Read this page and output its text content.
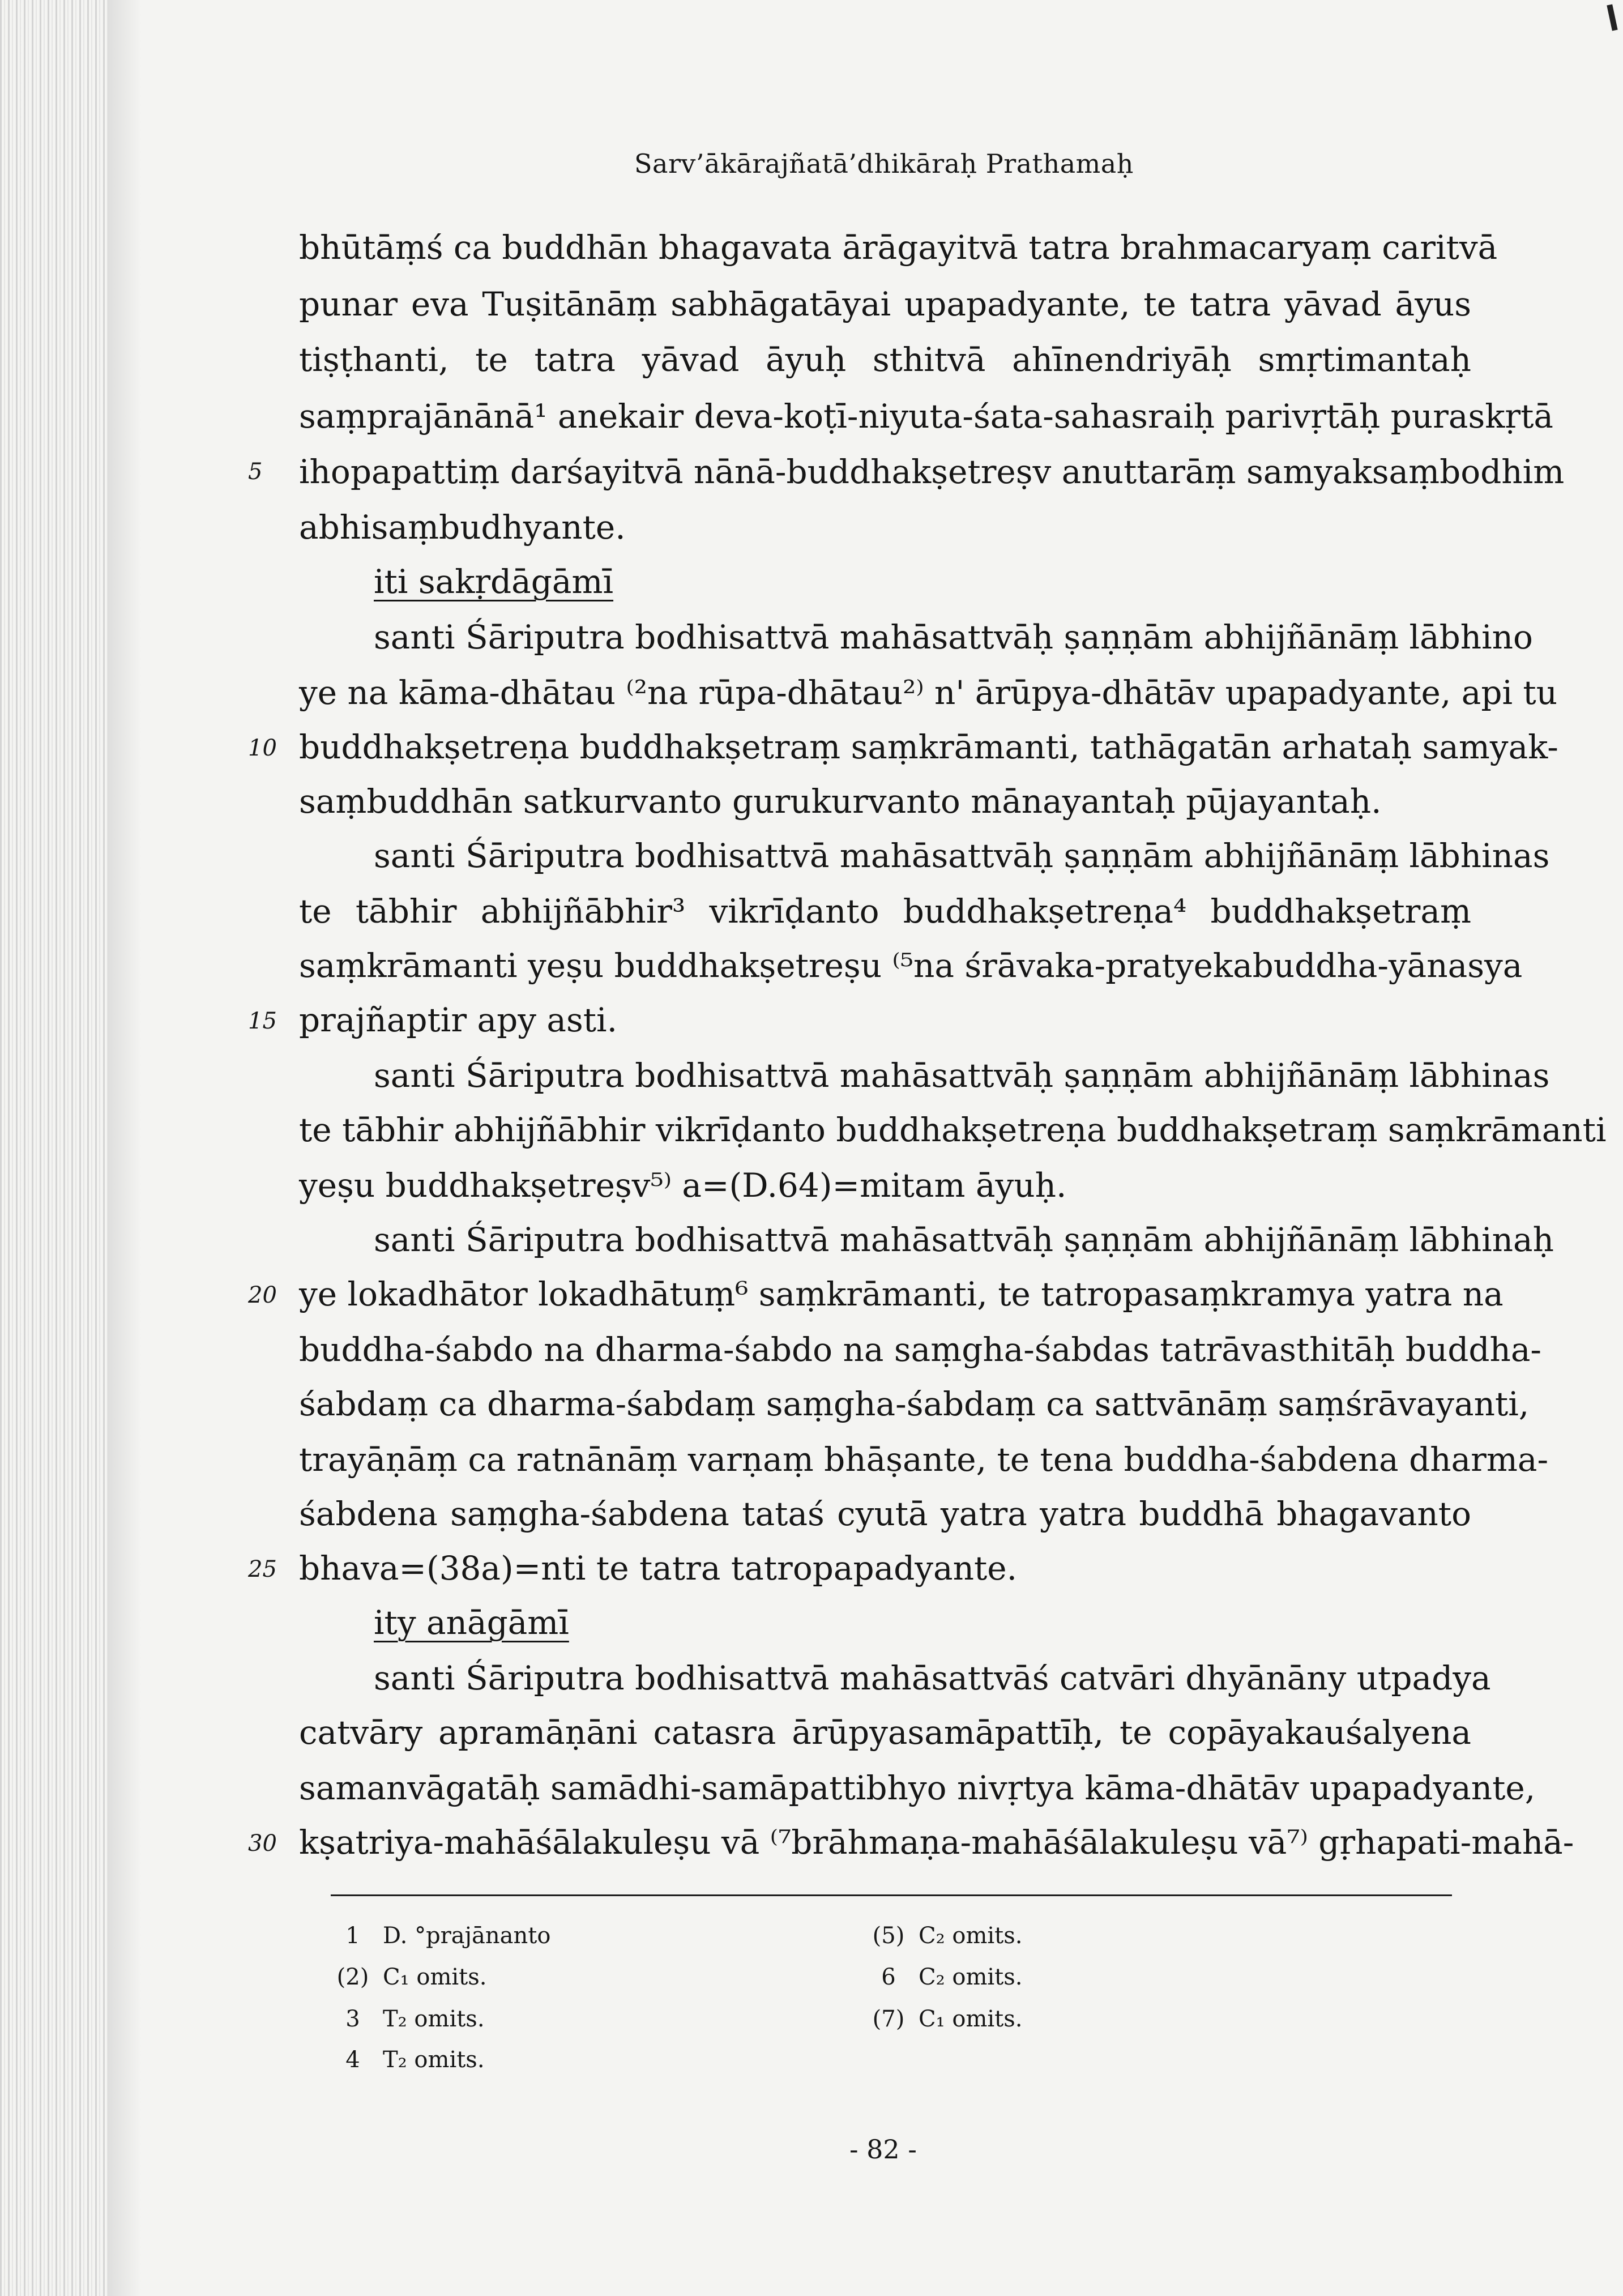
Sarv’ākārajñatā’dhikāraḥ Prathamaḥ
bhūtāṃś ca buddhān bhagavata ārāgayitvā tatra brahmacaryaṃ caritvā
punar eva Tuṣitānāṃ sabhāgatāyai upapadyante, te tatra yāvad āyus
tiṣṭhanti, te tatra yāvad āyuḥ sthitvā ahīnendriyāḥ smṛtimantaḥ
saṃprajānānā¹ anekair deva-koṭī-niyuta-śata-sahasraiḥ parivṛtāḥ puraskṛtā
5 ihopapattiṃ darśayitvā nānā-buddhakṣetreṣv anuttarāṃ samyaksaṃbodhim
abhisaṃbudhyante.
iti sakṛdāgāmī
santi Śāriputra bodhisattvā mahāsattvāḥ ṣaṇṇām abhijñānāṃ lābhino
ye na kāma-dhātau ⁽²na rūpa-dhātau²⁾ n' ārūpya-dhātāv upapadyante, api tu
10 buddhakṣetreṇa buddhakṣetraṃ saṃkrāmanti, tathāgatān arhataḥ samyak-
saṃbuddhān satkurvanto gurukurvanto mānayantaḥ pūjayantaḥ.
santi Śāriputra bodhisattvā mahāsattvāḥ ṣaṇṇām abhijñānāṃ lābhinas
te tābhir abhijñābhir³ vikrīḍanto buddhakṣetreṇa⁴ buddhakṣetraṃ
saṃkrāmanti yeṣu buddhakṣetreṣu ⁽⁵na śrāvaka-pratyekabuddha-yānasya
15 prajñaptir apy asti.
santi Śāriputra bodhisattvā mahāsattvāḥ ṣaṇṇām abhijñānāṃ lābhinas
te tābhir abhijñābhir vikrīḍanto buddhakṣetreṇa buddhakṣetraṃ saṃkrāmanti
yeṣu buddhakṣetreṣv⁵⁾ a=(D.64)=mitam āyuḥ.
santi Śāriputra bodhisattvā mahāsattvāḥ ṣaṇṇām abhijñānāṃ lābhinaḥ
20 ye lokadhātor lokadhātuṃ⁶ saṃkrāmanti, te tatropasaṃkramya yatra na
buddha-śabdo na dharma-śabdo na saṃgha-śabdas tatrāvasthitāḥ buddha-
śabdaṃ ca dharma-śabdaṃ saṃgha-śabdaṃ ca sattvānāṃ saṃśrāvayanti,
trayāṇāṃ ca ratnānāṃ varṇaṃ bhāṣante, te tena buddha-śabdena dharma-
śabdena saṃgha-śabdena tataś cyutā yatra yatra buddhā bhagavanto
25 bhava=(38a)=nti te tatra tatropapadyante.
ity anāgāmī
santi Śāriputra bodhisattvā mahāsattvāś catvāri dhyānāny utpadya
catvāry apramāṇāni catasra ārūpyasamāpattīḥ, te copāyakauśalyena
samanvāgatāḥ samādhi-samāpattibhyo nivṛtya kāma-dhātāv upapadyante,
30 kṣatriya-mahāśālakuleṣu vā ⁽⁷brāhmaṇa-mahāśālakuleṣu vā⁷⁾ gṛhapati-mahā-
1 D. °prajānanto
(2) C₁ omits.
3 T₂ omits.
4 T₂ omits.
(5) C₂ omits.
6 C₂ omits.
(7) C₁ omits.
- 82 -
